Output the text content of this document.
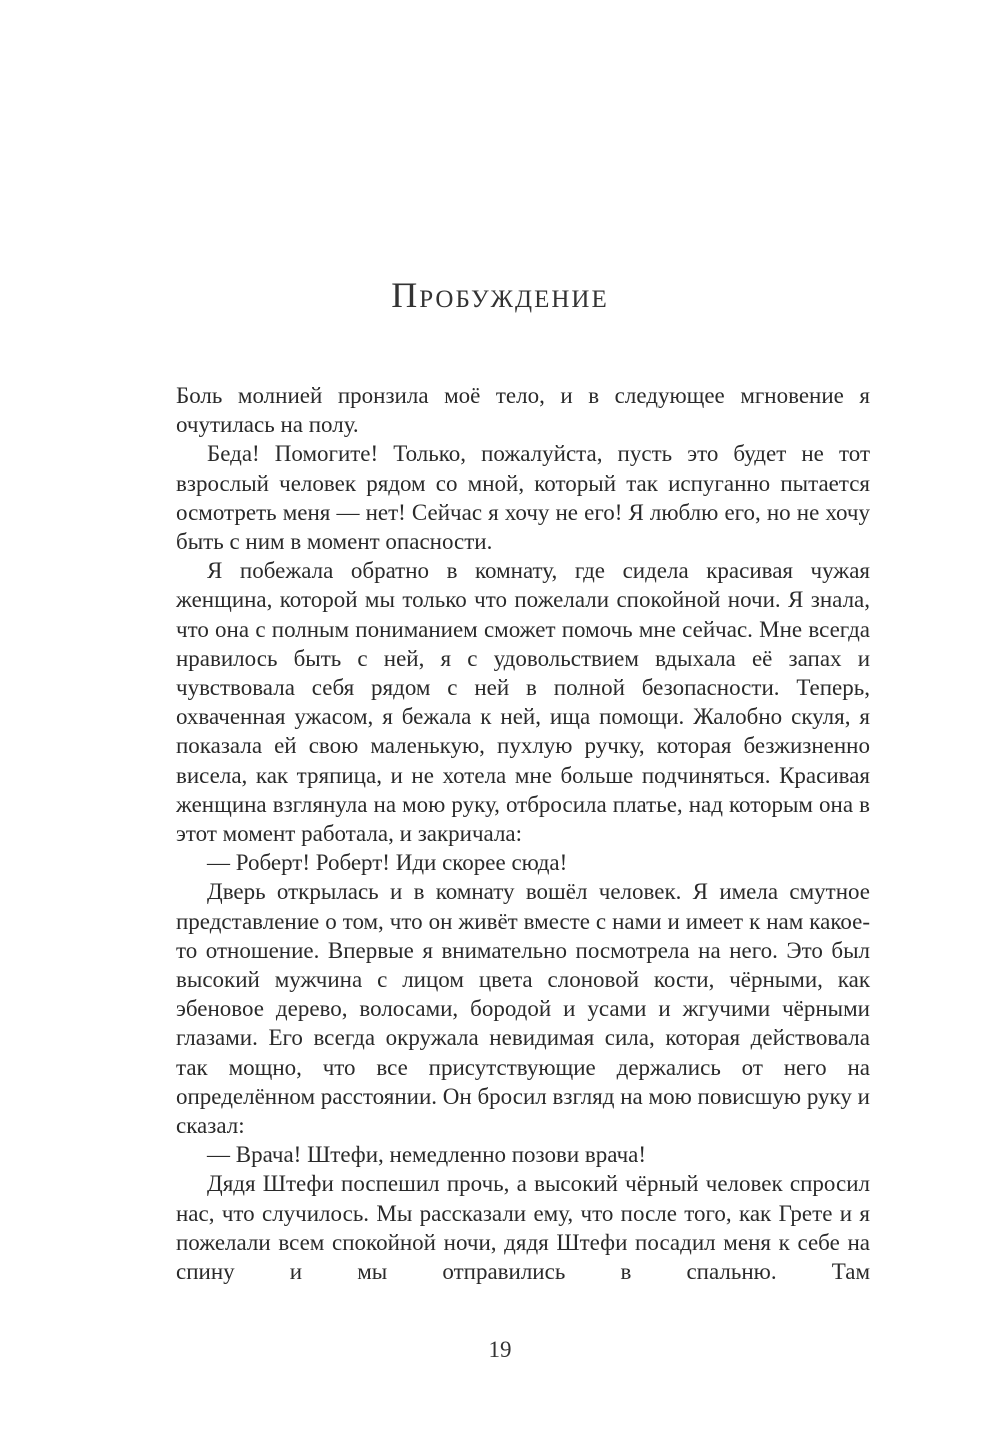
Пробуждение

Боль молнией пронзила моё тело, и в следующее мгновение я очутилась на полу.

Беда! Помогите! Только, пожалуйста, пусть это будет не тот взрослый человек рядом со мной, который так испуганно пытается осмотреть меня — нет! Сейчас я хочу не его! Я люблю его, но не хочу быть с ним в момент опасности.

Я побежала обратно в комнату, где сидела красивая чужая женщина, которой мы только что пожелали спокойной ночи. Я знала, что она с полным пониманием сможет помочь мне сейчас. Мне всегда нравилось быть с ней, я с удовольствием вдыхала её запах и чувствовала себя рядом с ней в полной безопасности. Теперь, охваченная ужасом, я бежала к ней, ища помощи. Жалобно скуля, я показала ей свою маленькую, пухлую ручку, которая безжизненно висела, как тряпица, и не хотела мне больше подчиняться. Красивая женщина взглянула на мою руку, отбросила платье, над которым она в этот момент работала, и закричала:

— Роберт! Роберт! Иди скорее сюда!

Дверь открылась и в комнату вошёл человек. Я имела смутное представление о том, что он живёт вместе с нами и имеет к нам какое-то отношение. Впервые я внимательно посмотрела на него. Это был высокий мужчина с лицом цвета слоновой кости, чёрными, как эбеновое дерево, волосами, бородой и усами и жгучими чёрными глазами. Его всегда окружала невидимая сила, которая действовала так мощно, что все присутствующие держались от него на определённом расстоянии. Он бросил взгляд на мою повисшую руку и сказал:

— Врача! Штефи, немедленно позови врача!

Дядя Штефи поспешил прочь, а высокий чёрный человек спросил нас, что случилось. Мы рассказали ему, что после того, как Грете и я пожелали всем спокойной ночи, дядя Штефи посадил меня к себе на спину и мы отправились в спальню. Там

19
